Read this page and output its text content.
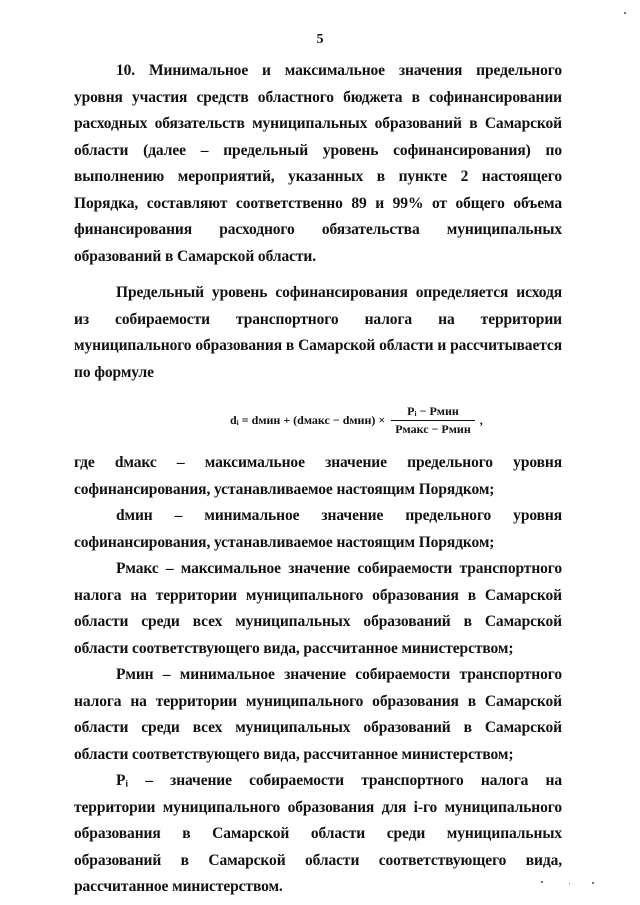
5

10. Минимальное и максимальное значения предельного уровня участия средств областного бюджета в софинансировании расходных обязательств муниципальных образований в Самарской области (далее – предельный уровень софинансирования) по выполнению мероприятий, указанных в пункте 2 настоящего Порядка, составляют соответственно 89 и 99% от общего объема финансирования расходного обязательства муниципальных образований в Самарской области.

Предельный уровень софинансирования определяется исходя из собираемости транспортного налога на территории муниципального образования в Самарской области и рассчитывается по формуле

dᵢ = dмин + (dмакс − dмин) × $\frac{\text{Pᵢ − Pмин}}{\text{Pмакс − Pмин}}$ ,

где dмакс – максимальное значение предельного уровня софинансирования, устанавливаемое настоящим Порядком;

dмин – минимальное значение предельного уровня софинансирования, устанавливаемое настоящим Порядком;

Pмакс – максимальное значение собираемости транспортного налога на территории муниципального образования в Самарской области среди всех муниципальных образований в Самарской области соответствующего вида, рассчитанное министерством;

Pмин – минимальное значение собираемости транспортного налога на территории муниципального образования в Самарской области среди всех муниципальных образований в Самарской области соответствующего вида, рассчитанное министерством;

Pᵢ – значение собираемости транспортного налога на территории муниципального образования для i-го муниципального образования в Самарской области среди муниципальных образований в Самарской области соответствующего вида, рассчитанное министерством.
